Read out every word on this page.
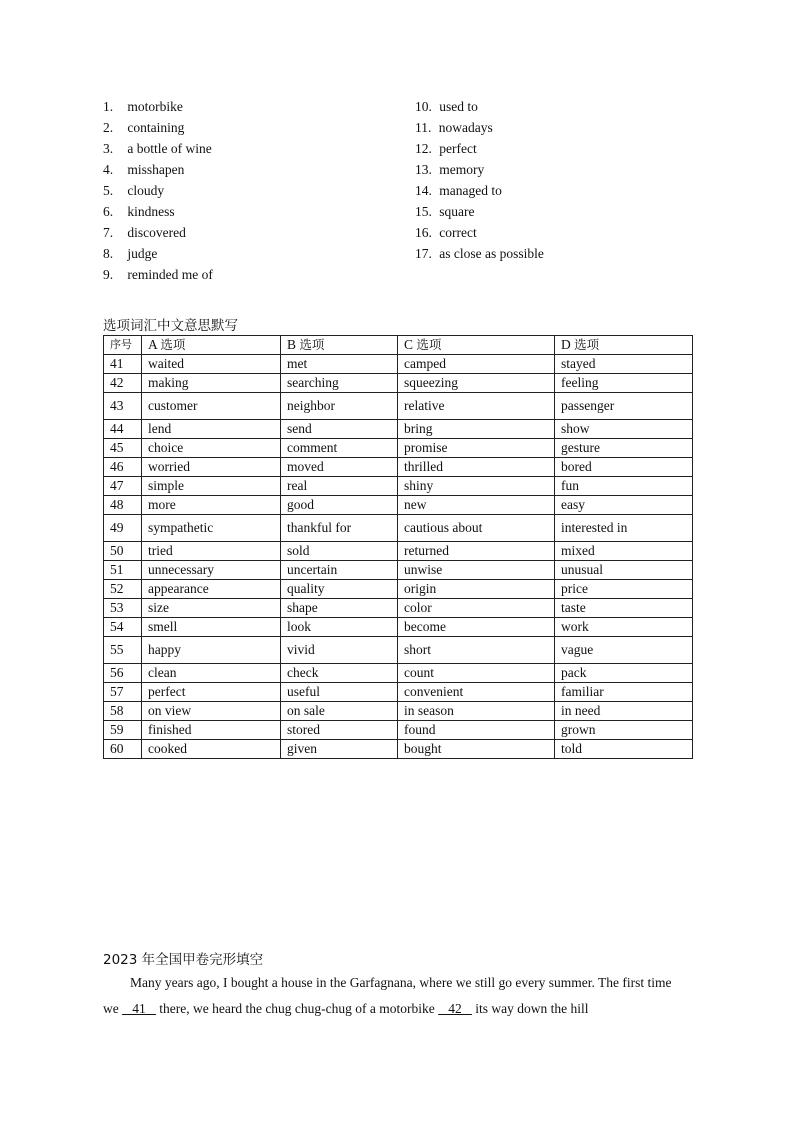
1. motorbike
2. containing
3. a bottle of wine
4. misshapen
5. cloudy
6. kindness
7. discovered
8. judge
9. reminded me of
10. used to
11. nowadays
12. perfect
13. memory
14. managed to
15. square
16. correct
17. as close as possible
选项词汇中文意思默写
序号	A 选项	B 选项	C 选项	D 选项
41	waited	met	camped	stayed
42	making	searching	squeezing	feeling
43	customer	neighbor	relative	passenger
44	lend	send	bring	show
45	choice	comment	promise	gesture
46	worried	moved	thrilled	bored
47	simple	real	shiny	fun
48	more	good	new	easy
49	sympathetic	thankful for	cautious about	interested in
50	tried	sold	returned	mixed
51	unnecessary	uncertain	unwise	unusual
52	appearance	quality	origin	price
53	size	shape	color	taste
54	smell	look	become	work
55	happy	vivid	short	vague
56	clean	check	count	pack
57	perfect	useful	convenient	familiar
58	on view	on sale	in season	in need
59	finished	stored	found	grown
60	cooked	given	bought	told
2023 年全国甲卷完形填空

Many years ago, I bought a house in the Garfagnana, where we still go every summer. The first time

we    41    there, we heard the chug chug-chug of a motorbike    42    its way down the hill
